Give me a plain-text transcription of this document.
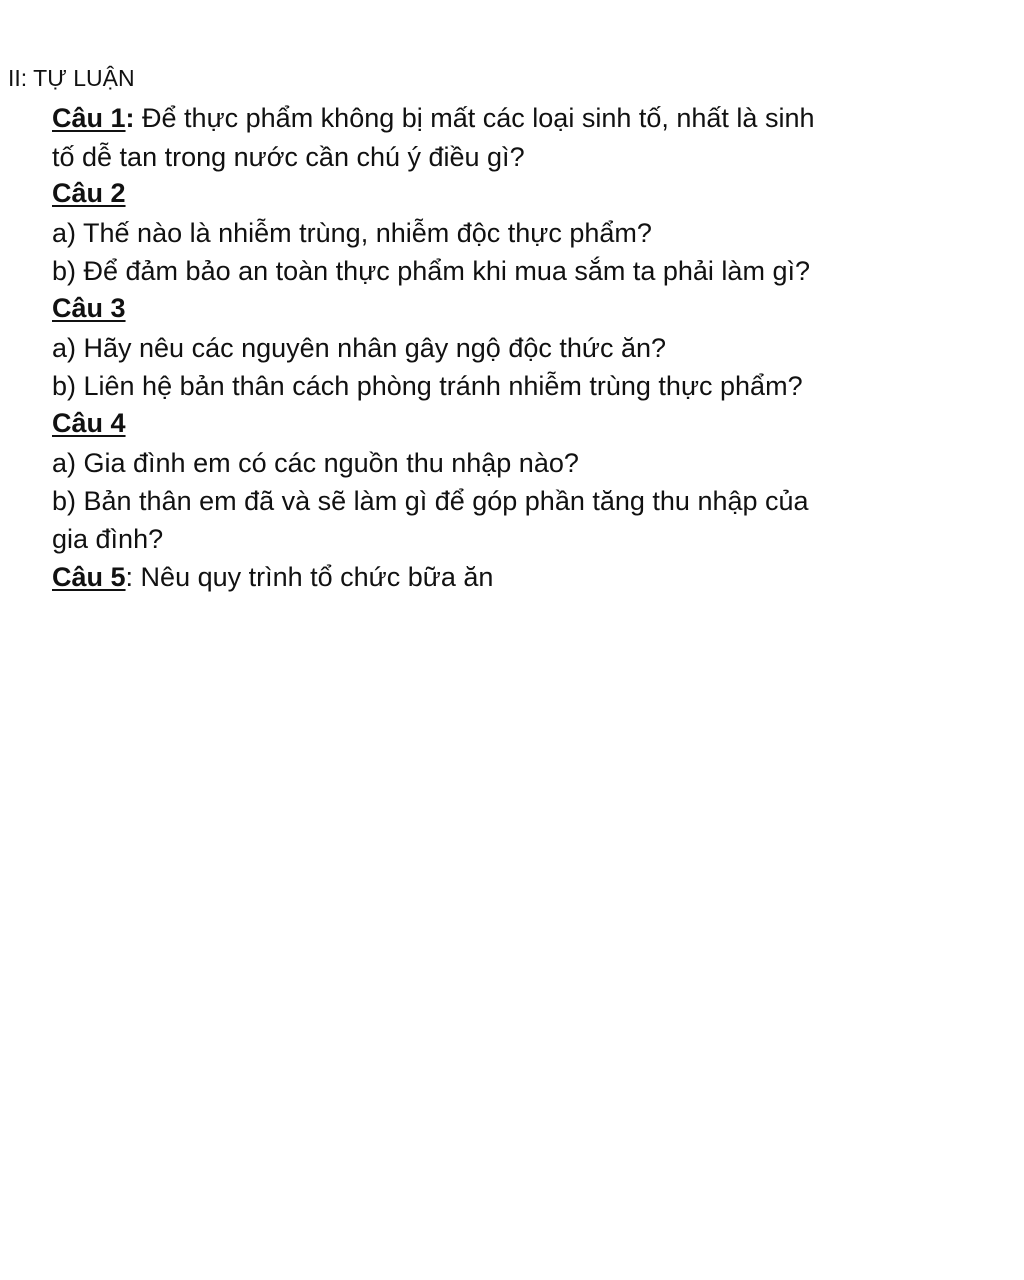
II: TỰ LUẬN
Câu 1: Để thực phẩm không bị mất các loại sinh tố, nhất là sinh
tố dễ tan trong nước cần chú ý điều gì?
Câu 2
a) Thế nào là nhiễm trùng, nhiễm độc thực phẩm?
b) Để đảm bảo an toàn thực phẩm khi mua sắm ta phải làm gì?
Câu 3
a) Hãy nêu các nguyên nhân gây ngộ độc thức ăn?
b) Liên hệ bản thân cách phòng tránh nhiễm trùng thực phẩm?
Câu 4
a) Gia đình em có các nguồn thu nhập nào?
b) Bản thân em đã và sẽ làm gì để góp phần tăng thu nhập của
gia đình?
Câu 5: Nêu quy trình tổ chức bữa ăn
